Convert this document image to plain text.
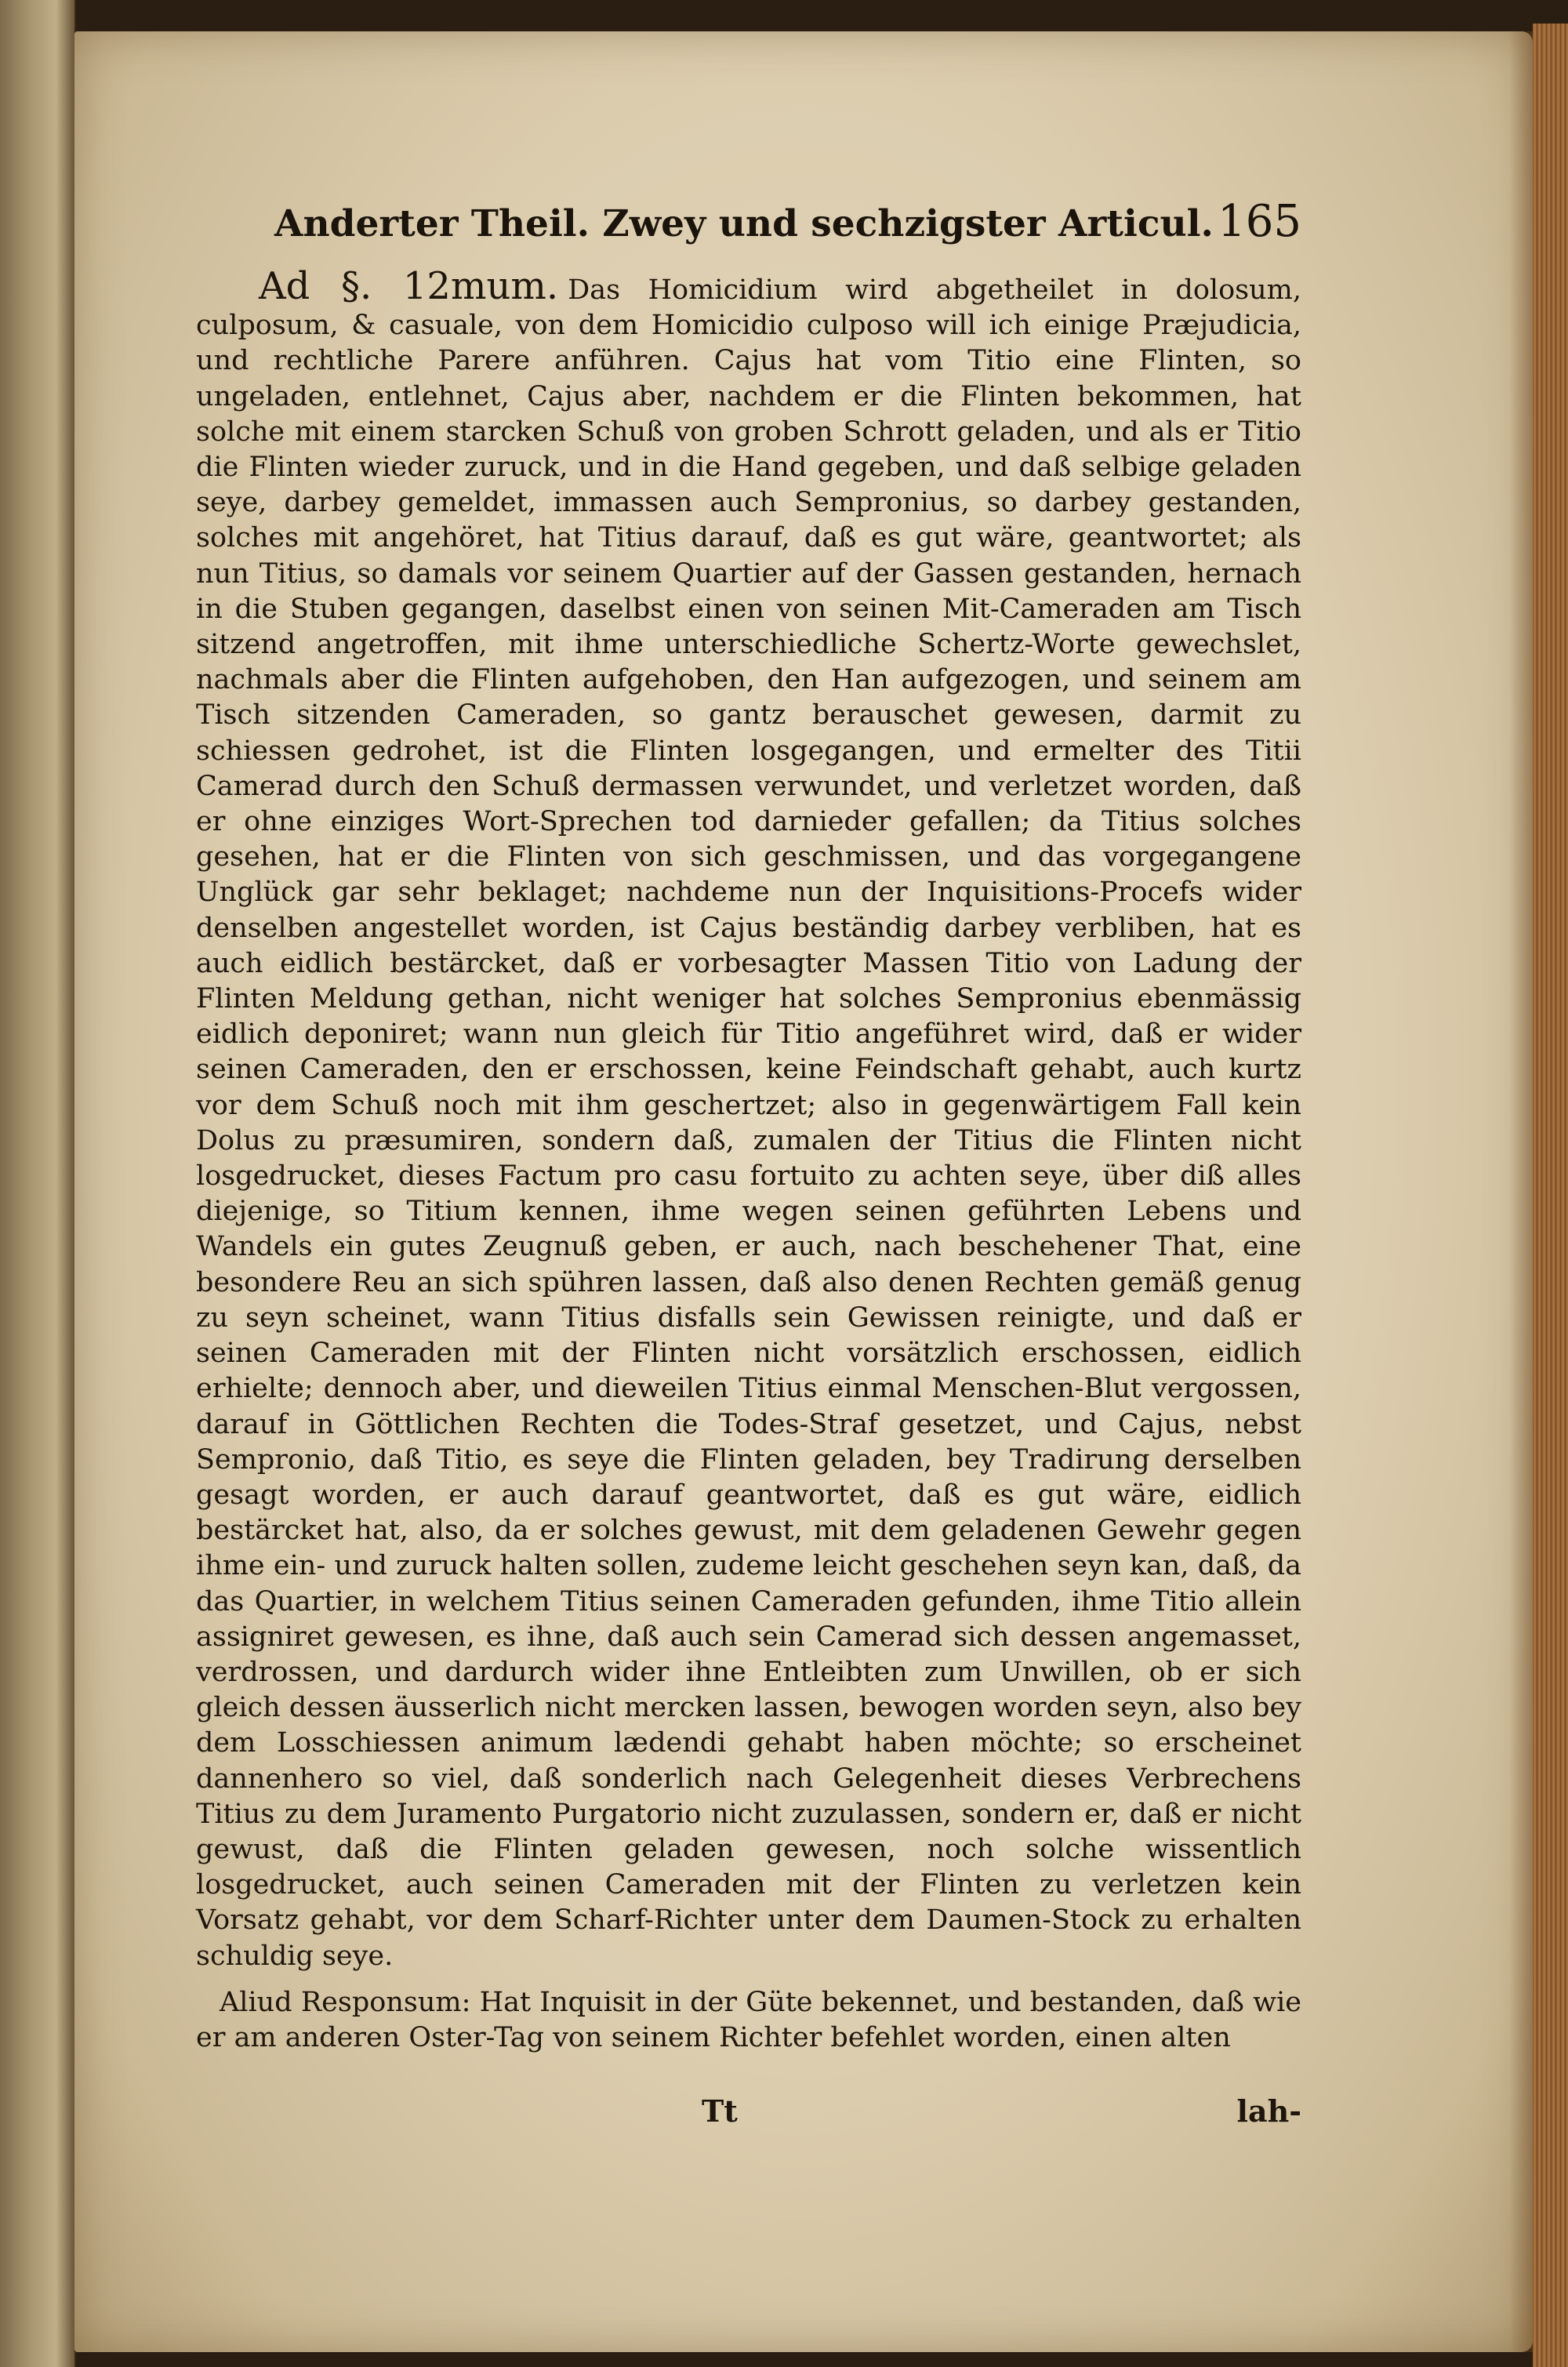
Anderter Theil. Zwey und sechzigster Articul. 165

Ad §. 12mum. Das Homicidium wird abgetheilet in dolosum, culposum, & casuale, von dem Homicidio culposo will ich einige Præjudicia, und rechtliche Parere anführen. Cajus hat vom Titio eine Flinten, so ungeladen, entlehnet, Cajus aber, nachdem er die Flinten bekommen, hat solche mit einem starcken Schuß von groben Schrott geladen, und als er Titio die Flinten wieder zuruck, und in die Hand gegeben, und daß selbige geladen seye, darbey gemeldet, immassen auch Sempronius, so darbey gestanden, solches mit angehöret, hat Titius darauf, daß es gut wäre, geantwortet; als nun Titius, so damals vor seinem Quartier auf der Gassen gestanden, hernach in die Stuben gegangen, daselbst einen von seinen Mit-Cameraden am Tisch sitzend angetroffen, mit ihme unterschiedliche Schertz-Worte gewechslet, nachmals aber die Flinten aufgehoben, den Han aufgezogen, und seinem am Tisch sitzenden Cameraden, so gantz berauschet gewesen, darmit zu schiessen gedrohet, ist die Flinten losgegangen, und ermelter des Titii Camerad durch den Schuß dermassen verwundet, und verletzet worden, daß er ohne einziges Wort-Sprechen tod darnieder gefallen; da Titius solches gesehen, hat er die Flinten von sich geschmissen, und das vorgegangene Unglück gar sehr beklaget; nachdeme nun der Inquisitions-Procefs wider denselben angestellet worden, ist Cajus beständig darbey verbliben, hat es auch eidlich bestärcket, daß er vorbesagter Massen Titio von Ladung der Flinten Meldung gethan, nicht weniger hat solches Sempronius ebenmässig eidlich deponiret; wann nun gleich für Titio angeführet wird, daß er wider seinen Cameraden, den er erschossen, keine Feindschaft gehabt, auch kurtz vor dem Schuß noch mit ihm geschertzet; also in gegenwärtigem Fall kein Dolus zu præsumiren, sondern daß, zumalen der Titius die Flinten nicht losgedrucket, dieses Factum pro casu fortuito zu achten seye, über diß alles diejenige, so Titium kennen, ihme wegen seinen geführten Lebens und Wandels ein gutes Zeugnuß geben, er auch, nach beschehener That, eine besondere Reu an sich spühren lassen, daß also denen Rechten gemäß genug zu seyn scheinet, wann Titius disfalls sein Gewissen reinigte, und daß er seinen Cameraden mit der Flinten nicht vorsätzlich erschossen, eidlich erhielte; dennoch aber, und dieweilen Titius einmal Menschen-Blut vergossen, darauf in Göttlichen Rechten die Todes-Straf gesetzet, und Cajus, nebst Sempronio, daß Titio, es seye die Flinten geladen, bey Tradirung derselben gesagt worden, er auch darauf geantwortet, daß es gut wäre, eidlich bestärcket hat, also, da er solches gewust, mit dem geladenen Gewehr gegen ihme ein- und zuruck halten sollen, zudeme leicht geschehen seyn kan, daß, da das Quartier, in welchem Titius seinen Cameraden gefunden, ihme Titio allein assigniret gewesen, es ihne, daß auch sein Camerad sich dessen angemasset, verdrossen, und dardurch wider ihne Entleibten zum Unwillen, ob er sich gleich dessen äusserlich nicht mercken lassen, bewogen worden seyn, also bey dem Losschiessen animum lædendi gehabt haben möchte; so erscheinet dannenhero so viel, daß sonderlich nach Gelegenheit dieses Verbrechens Titius zu dem Juramento Purgatorio nicht zuzulassen, sondern er, daß er nicht gewust, daß die Flinten geladen gewesen, noch solche wissentlich losgedrucket, auch seinen Cameraden mit der Flinten zu verletzen kein Vorsatz gehabt, vor dem Scharf-Richter unter dem Daumen-Stock zu erhalten schuldig seye.

Aliud Responsum: Hat Inquisit in der Güte bekennet, und bestanden, daß wie er am anderen Oster-Tag von seinem Richter befehlet worden, einen alten

Tt	lah-
